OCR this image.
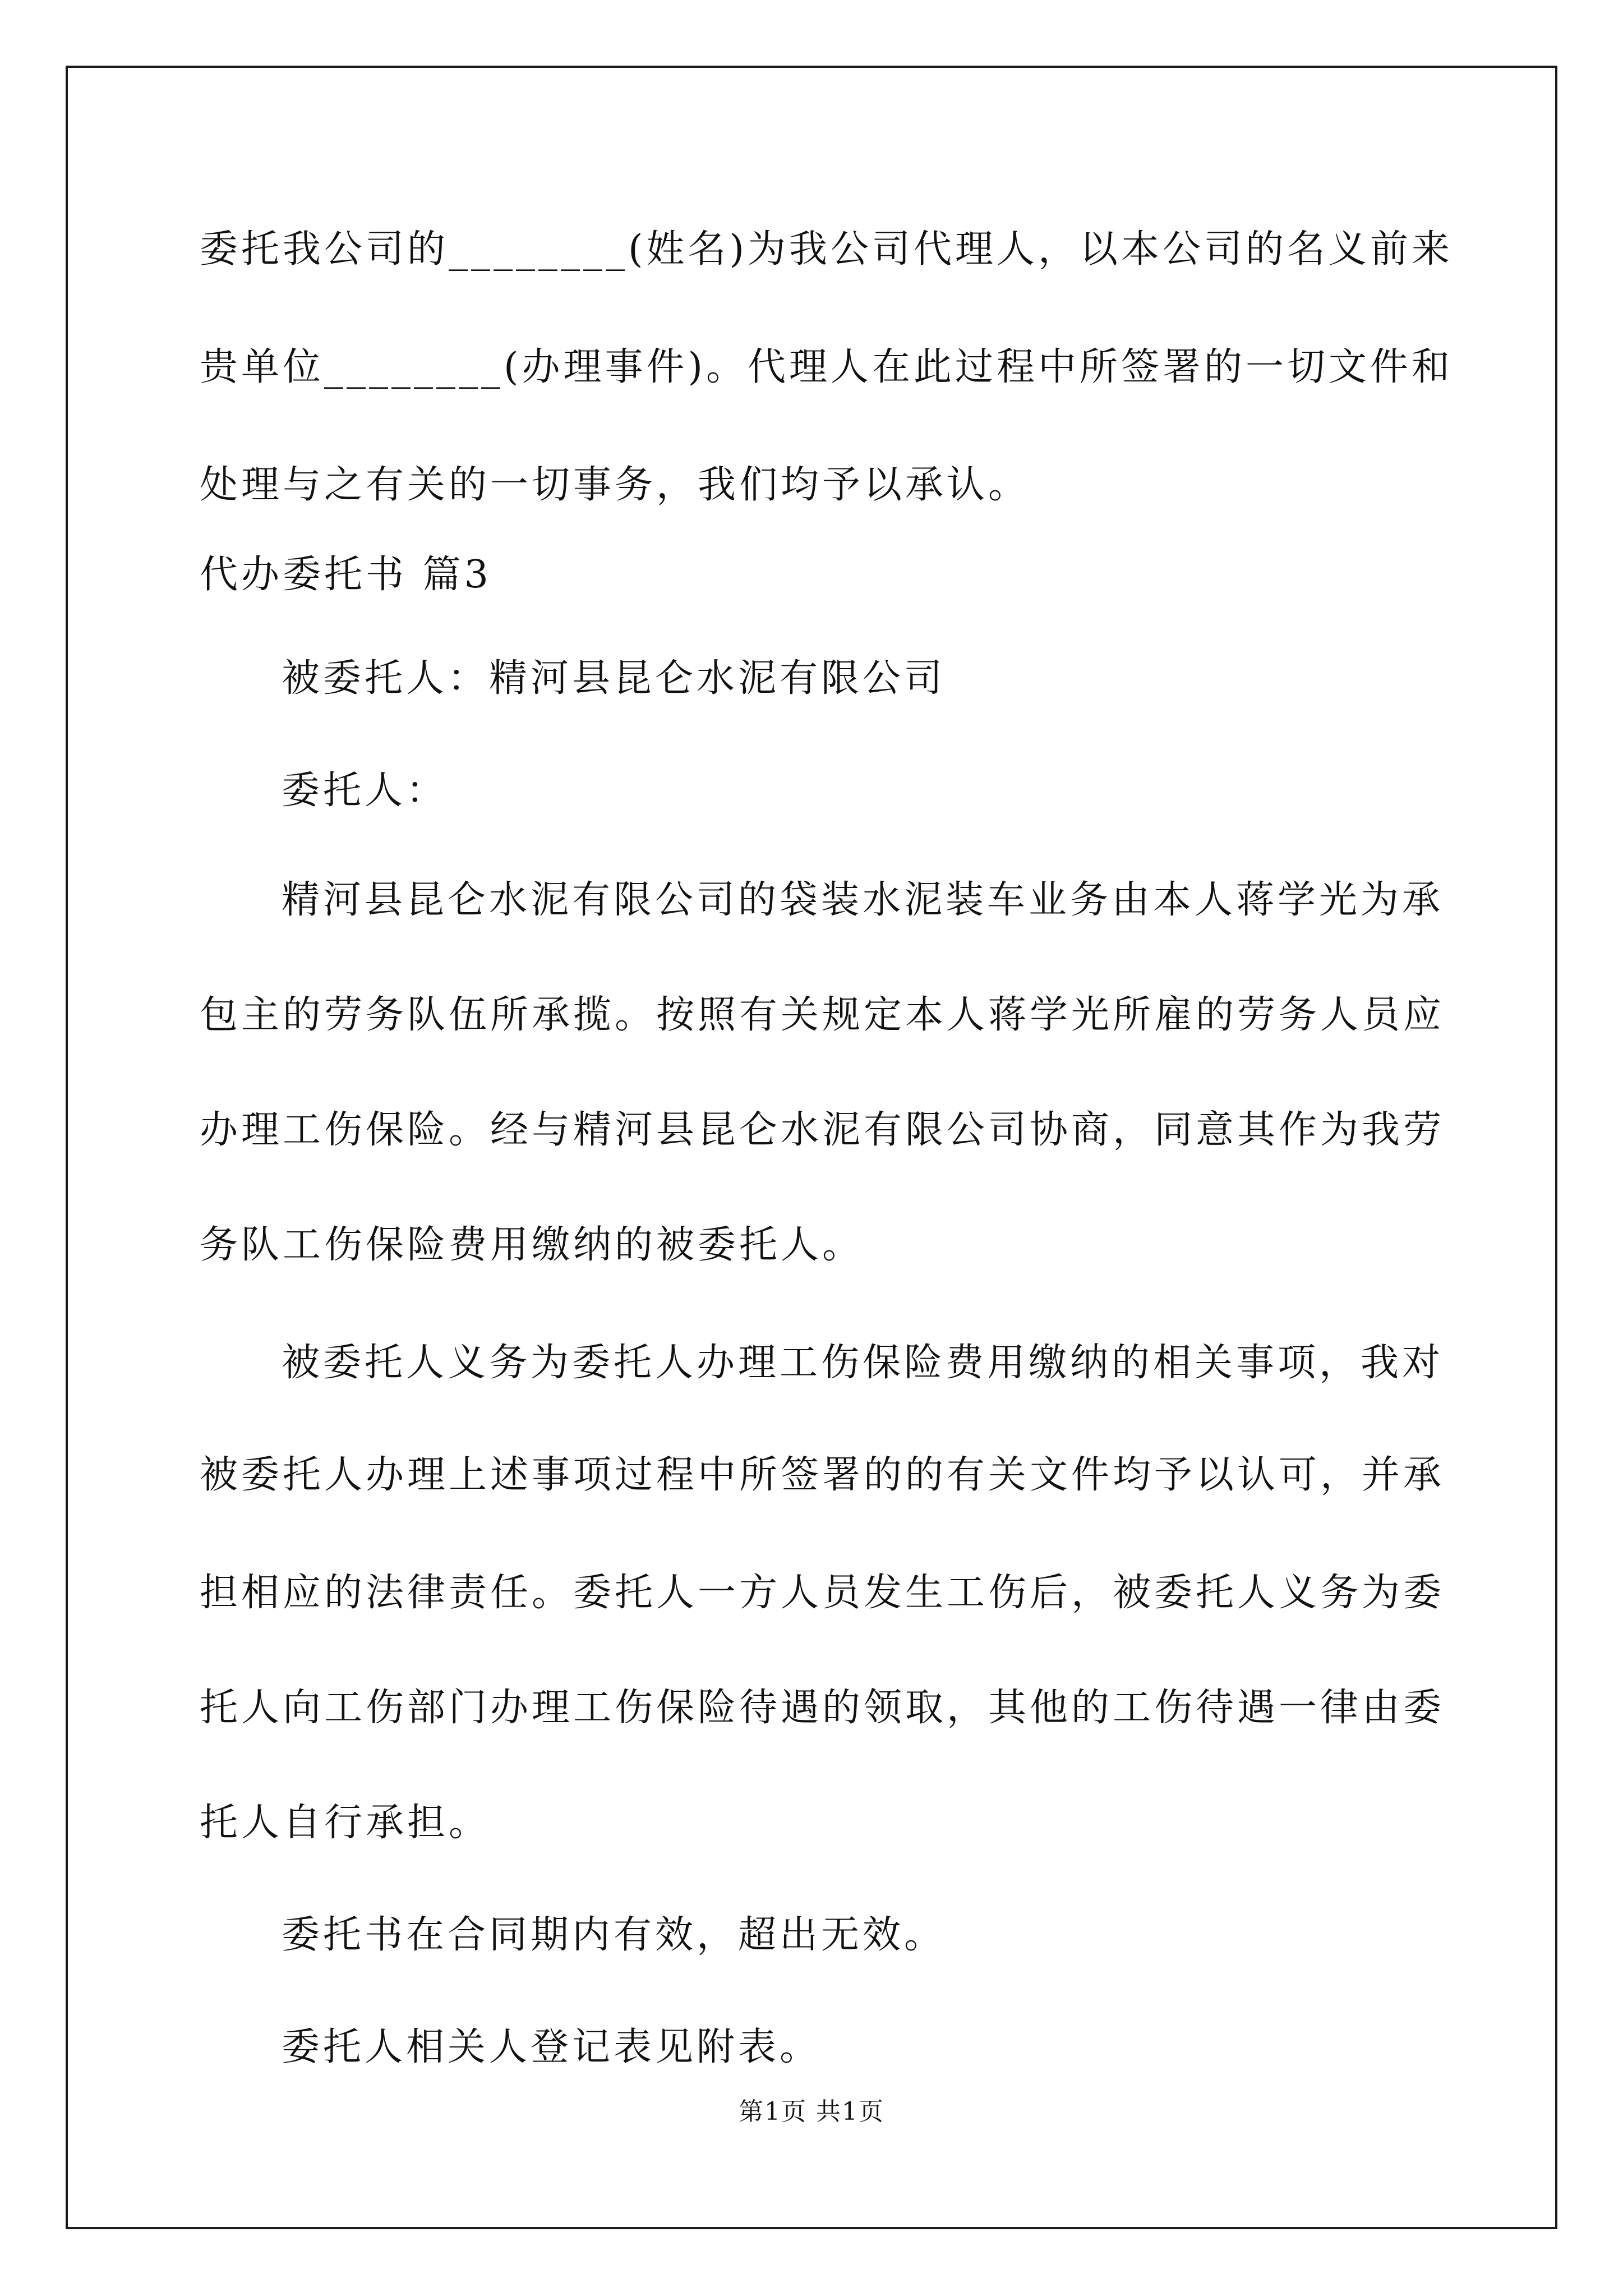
委托我公司的________(姓名)为我公司代理人，以本公司的名义前来
贵单位________(办理事件)。代理人在此过程中所签署的一切文件和
处理与之有关的一切事务，我们均予以承认。
代办委托书 篇3
被委托人：精河县昆仑水泥有限公司
委托人：
精河县昆仑水泥有限公司的袋装水泥装车业务由本人蒋学光为承
包主的劳务队伍所承揽。按照有关规定本人蒋学光所雇的劳务人员应
办理工伤保险。经与精河县昆仑水泥有限公司协商，同意其作为我劳
务队工伤保险费用缴纳的被委托人。
被委托人义务为委托人办理工伤保险费用缴纳的相关事项，我对
被委托人办理上述事项过程中所签署的的有关文件均予以认可，并承
担相应的法律责任。委托人一方人员发生工伤后，被委托人义务为委
托人向工伤部门办理工伤保险待遇的领取，其他的工伤待遇一律由委
托人自行承担。
委托书在合同期内有效，超出无效。
委托人相关人登记表见附表。
第1页 共1页
